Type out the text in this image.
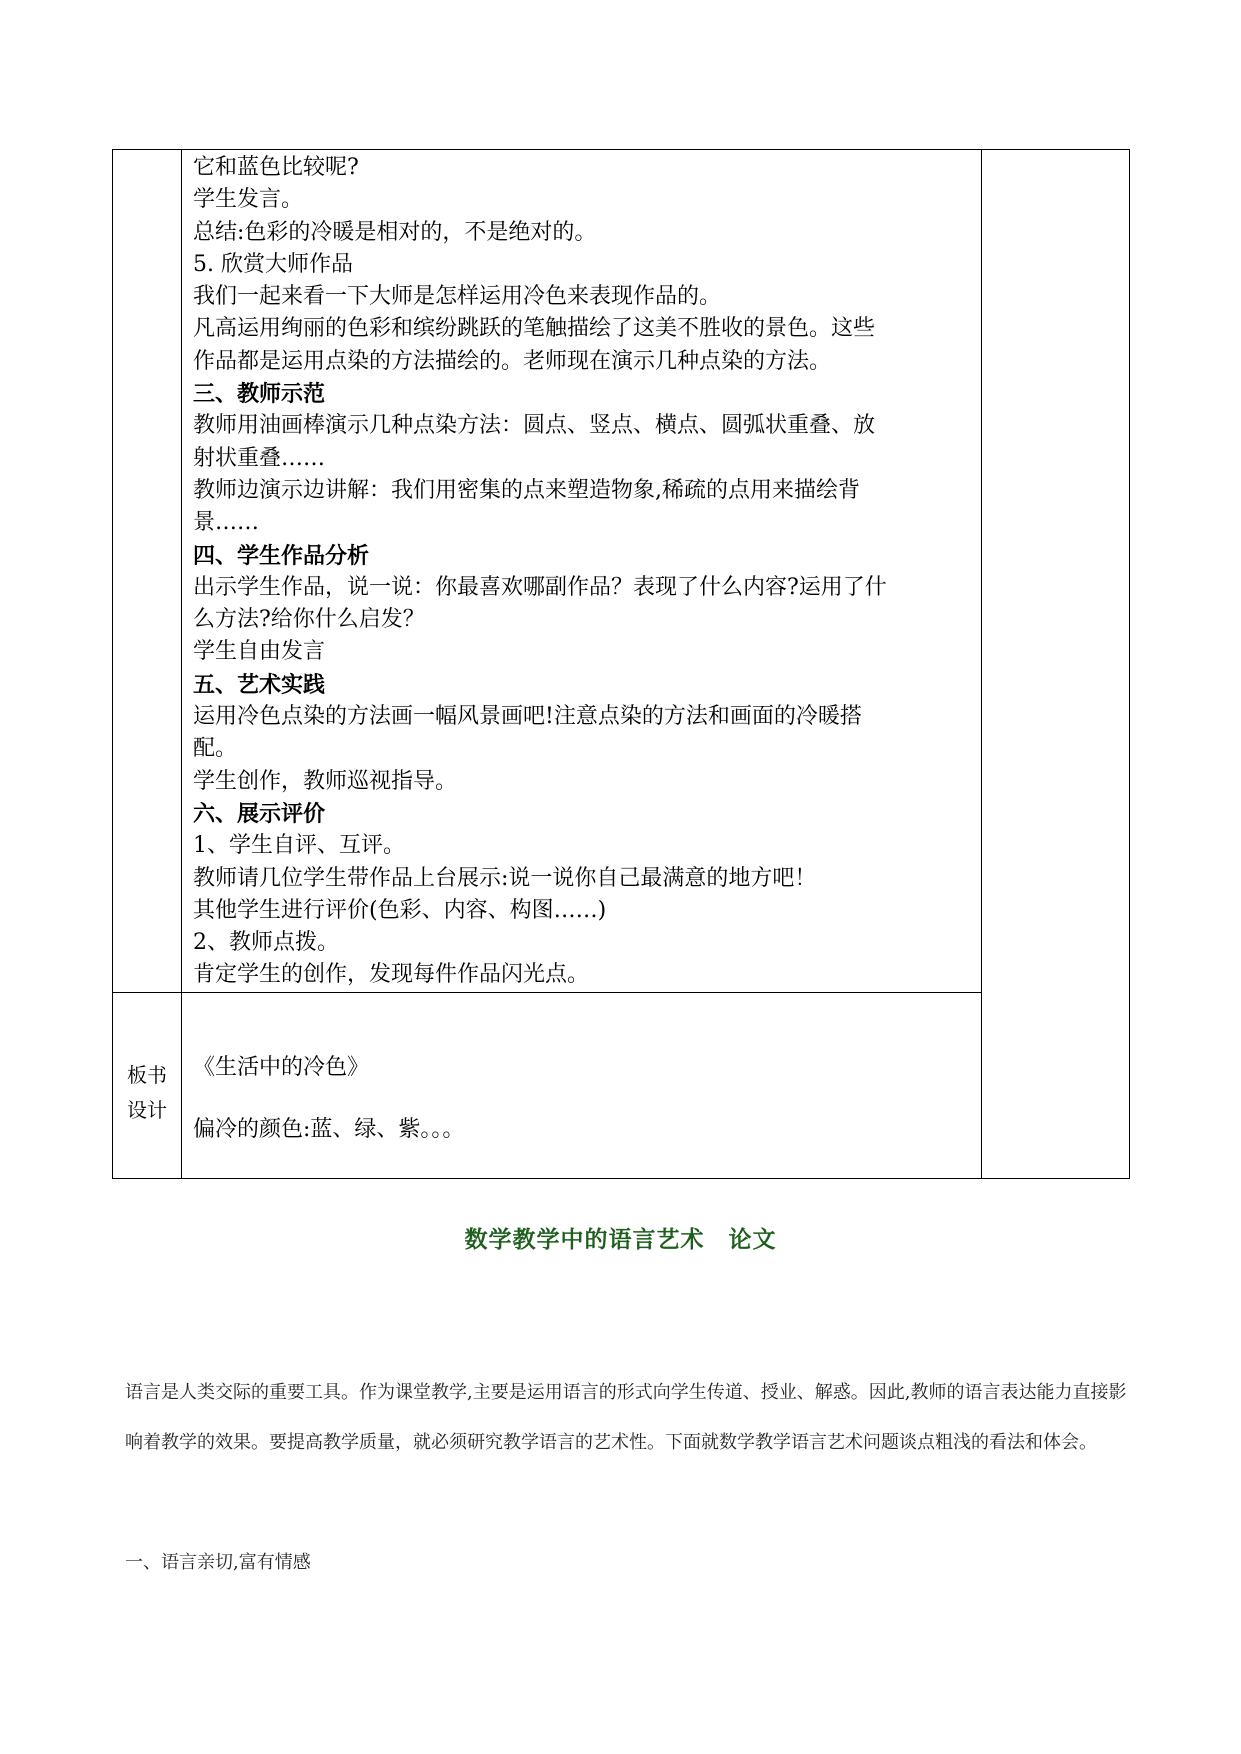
它和蓝色比较呢?
学生发言。
总结:色彩的冷暖是相对的，不是绝对的。
5. 欣赏大师作品
我们一起来看一下大师是怎样运用冷色来表现作品的。
凡高运用绚丽的色彩和缤纷跳跃的笔触描绘了这美不胜收的景色。这些
作品都是运用点染的方法描绘的。老师现在演示几种点染的方法。
三、教师示范
教师用油画棒演示几种点染方法：圆点、竖点、横点、圆弧状重叠、放
射状重叠……
教师边演示边讲解：我们用密集的点来塑造物象,稀疏的点用来描绘背
景……
四、学生作品分析
出示学生作品，说一说：你最喜欢哪副作品？表现了什么内容?运用了什
么方法?给你什么启发？
学生自由发言
五、艺术实践
运用冷色点染的方法画一幅风景画吧!注意点染的方法和画面的冷暖搭
配。
学生创作，教师巡视指导。
六、展示评价
1、学生自评、互评。
教师请几位学生带作品上台展示:说一说你自己最满意的地方吧！
其他学生进行评价(色彩、内容、构图……)
2、教师点拨。
肯定学生的创作，发现每件作品闪光点。
板书
设计
《生活中的冷色》
偏冷的颜色:蓝、绿、紫。。。
数学教学中的语言艺术　论文
语言是人类交际的重要工具。作为课堂教学,主要是运用语言的形式向学生传道、授业、解惑。因此,教师的语言表达能力直接影响着教学的效果。要提高教学质量，就必须研究教学语言的艺术性。下面就数学教学语言艺术问题谈点粗浅的看法和体会。
一、语言亲切,富有情感
